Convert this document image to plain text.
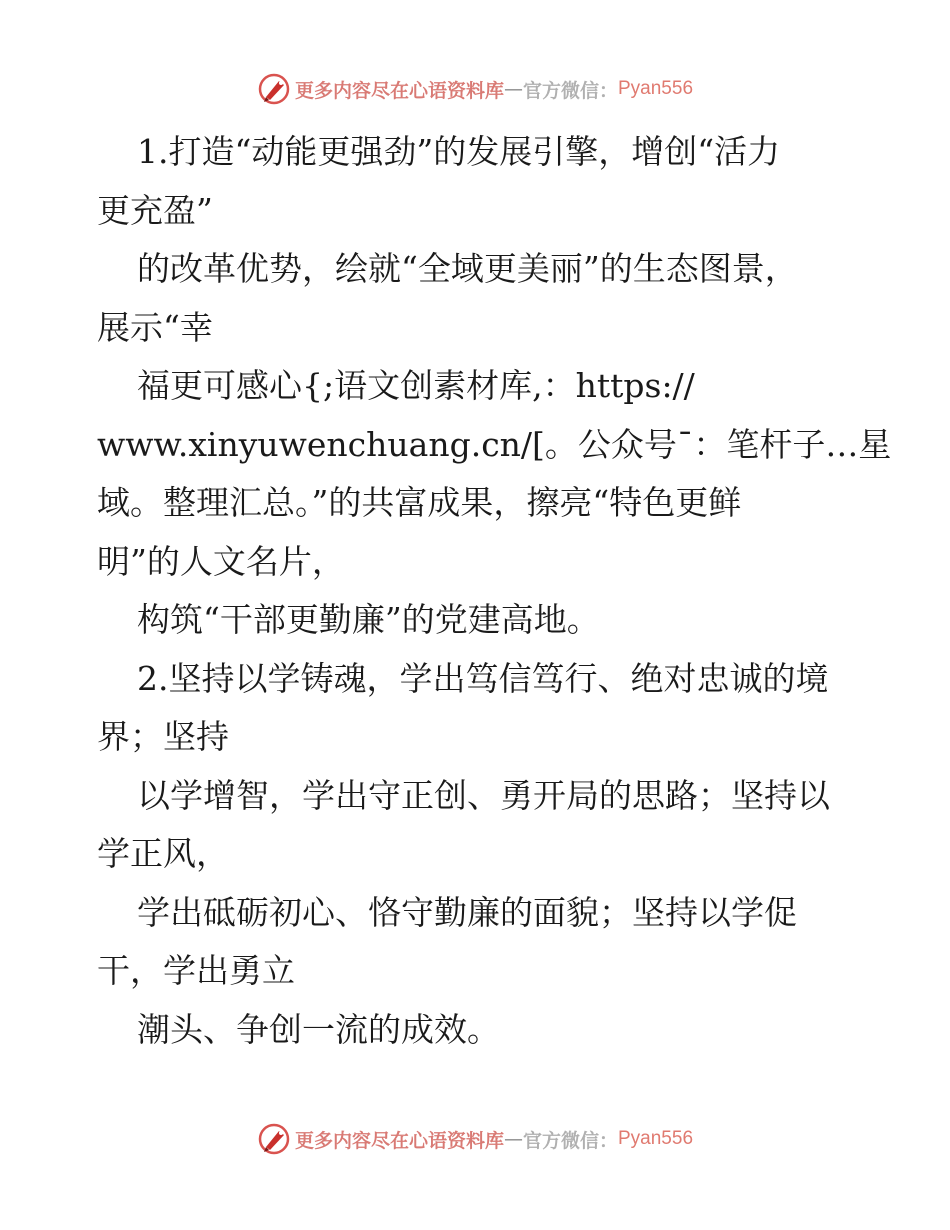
更多内容尽在心语资料库 — 官方微信： Pyan556
1.打造“动能更强劲”的发展引擎，增创“活力
更充盈”
的改革优势，绘就“全域更美丽”的生态图景，
展示“幸
福更可感心{;语文创素材库,：https://
www.xinyuwenchuang.cn/[。公众号¯：笔杆子…星
域。整理汇总。”的共富成果，擦亮“特色更鲜
明”的人文名片，
构筑“干部更勤廉”的党建高地。
2.坚持以学铸魂，学出笃信笃行、绝对忠诚的境
界；坚持
以学增智，学出守正创、勇开局的思路；坚持以
学正风，
学出砥砺初心、恪守勤廉的面貌；坚持以学促
干，学出勇立
潮头、争创一流的成效。
更多内容尽在心语资料库 — 官方微信： Pyan556
